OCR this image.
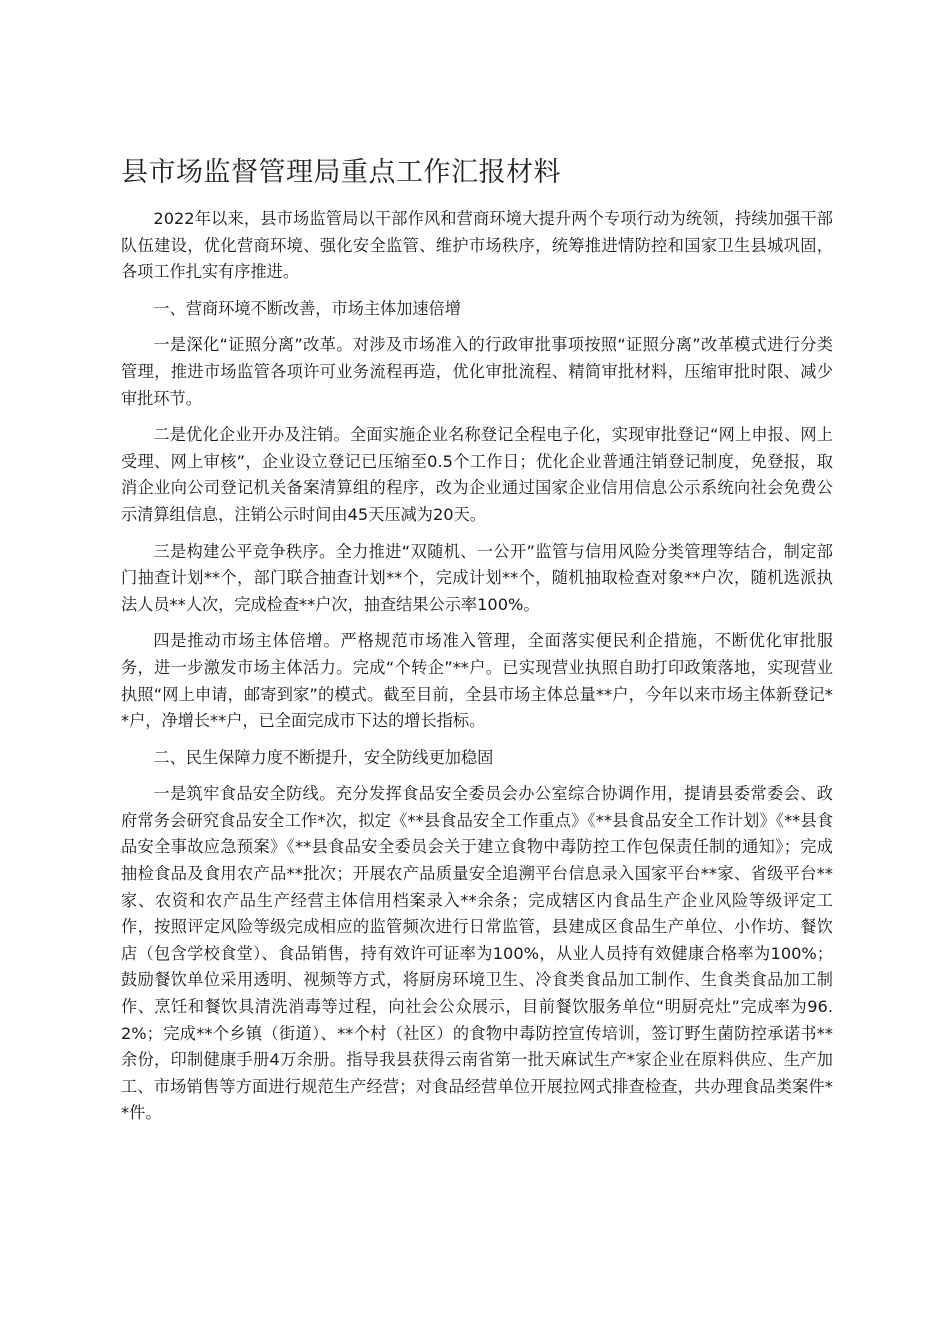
县市场监督管理局重点工作汇报材料

2022年以来，县市场监管局以干部作风和营商环境大提升两个专项行动为统领，持续加强干部队伍建设，优化营商环境、强化安全监管、维护市场秩序，统筹推进情防控和国家卫生县城巩固，各项工作扎实有序推进。

一、营商环境不断改善，市场主体加速倍增

一是深化“证照分离”改革。对涉及市场准入的行政审批事项按照“证照分离”改革模式进行分类管理，推进市场监管各项许可业务流程再造，优化审批流程、精简审批材料，压缩审批时限、减少审批环节。

二是优化企业开办及注销。全面实施企业名称登记全程电子化，实现审批登记“网上申报、网上受理、网上审核”，企业设立登记已压缩至0.5个工作日；优化企业普通注销登记制度，免登报，取消企业向公司登记机关备案清算组的程序，改为企业通过国家企业信用信息公示系统向社会免费公示清算组信息，注销公示时间由45天压减为20天。

三是构建公平竞争秩序。全力推进“双随机、一公开”监管与信用风险分类管理等结合，制定部门抽查计划**个，部门联合抽查计划**个，完成计划**个，随机抽取检查对象**户次，随机选派执法人员**人次，完成检查**户次，抽查结果公示率100%。

四是推动市场主体倍增。严格规范市场准入管理，全面落实便民利企措施，不断优化审批服务，进一步激发市场主体活力。完成“个转企”**户。已实现营业执照自助打印政策落地，实现营业执照“网上申请，邮寄到家”的模式。截至目前，全县市场主体总量**户，今年以来市场主体新登记**户，净增长**户，已全面完成市下达的增长指标。

二、民生保障力度不断提升，安全防线更加稳固

一是筑牢食品安全防线。充分发挥食品安全委员会办公室综合协调作用，提请县委常委会、政府常务会研究食品安全工作*次，拟定《**县食品安全工作重点》《**县食品安全工作计划》《**县食品安全事故应急预案》《**县食品安全委员会关于建立食物中毒防控工作包保责任制的通知》；完成抽检食品及食用农产品**批次；开展农产品质量安全追溯平台信息录入国家平台**家、省级平台**家、农资和农产品生产经营主体信用档案录入**余条；完成辖区内食品生产企业风险等级评定工作，按照评定风险等级完成相应的监管频次进行日常监管，县建成区食品生产单位、小作坊、餐饮店（包含学校食堂）、食品销售，持有效许可证率为100%，从业人员持有效健康合格率为100%；鼓励餐饮单位采用透明、视频等方式，将厨房环境卫生、冷食类食品加工制作、生食类食品加工制作、烹饪和餐饮具清洗消毒等过程，向社会公众展示，目前餐饮服务单位“明厨亮灶”完成率为96.2%；完成**个乡镇（街道）、**个村（社区）的食物中毒防控宣传培训，签订野生菌防控承诺书**余份，印制健康手册4万余册。指导我县获得云南省第一批天麻试生产*家企业在原料供应、生产加工、市场销售等方面进行规范生产经营；对食品经营单位开展拉网式排查检查，共办理食品类案件**件。
